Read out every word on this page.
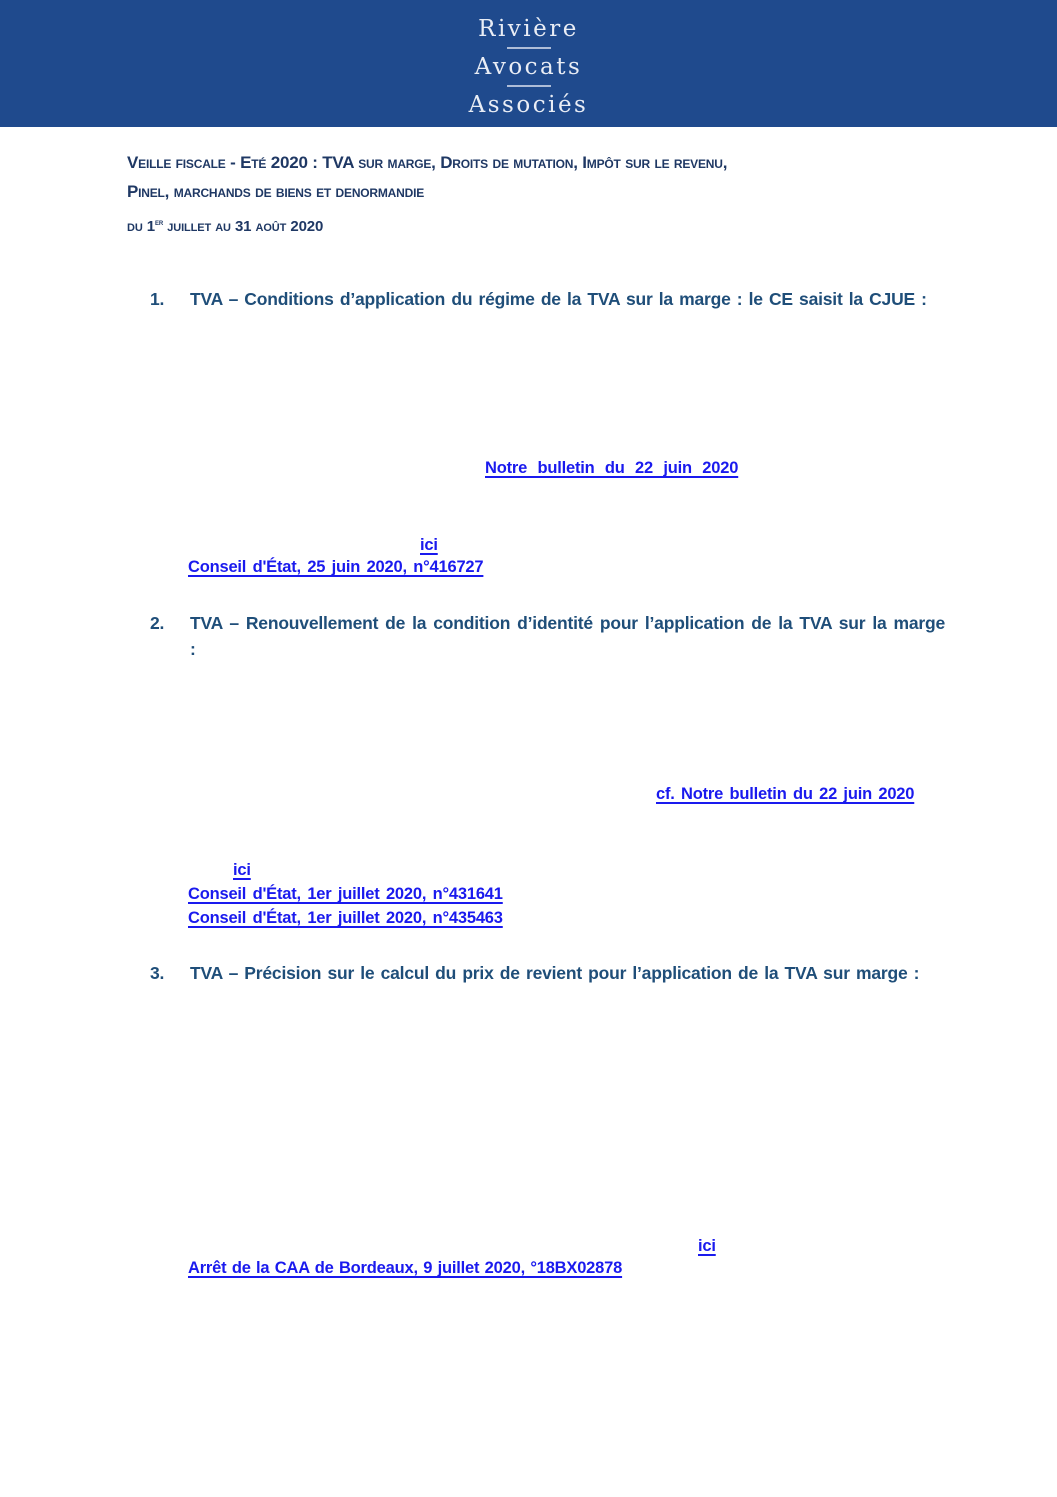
Rivière
Avocats
Associés
Veille fiscale - Eté 2020 : TVA sur marge, Droits de mutation, Impôt sur le revenu,
Pinel, marchands de biens et denormandie
du 1er juillet au 31 août 2020
1.	TVA – Conditions d’application du régime de la TVA sur la marge : le CE saisit la CJUE :
Notre bulletin du 22 juin 2020
ici
Conseil d'État, 25 juin 2020, n°416727
2.	TVA – Renouvellement de la condition d’identité pour l’application de la TVA sur la marge :
cf. Notre bulletin du 22 juin 2020
ici
Conseil d'État, 1er juillet 2020, n°431641
Conseil d'État, 1er juillet 2020, n°435463
3.	TVA – Précision sur le calcul du prix de revient pour l’application de la TVA sur marge :
ici
Arrêt de la CAA de Bordeaux, 9 juillet 2020, °18BX02878
